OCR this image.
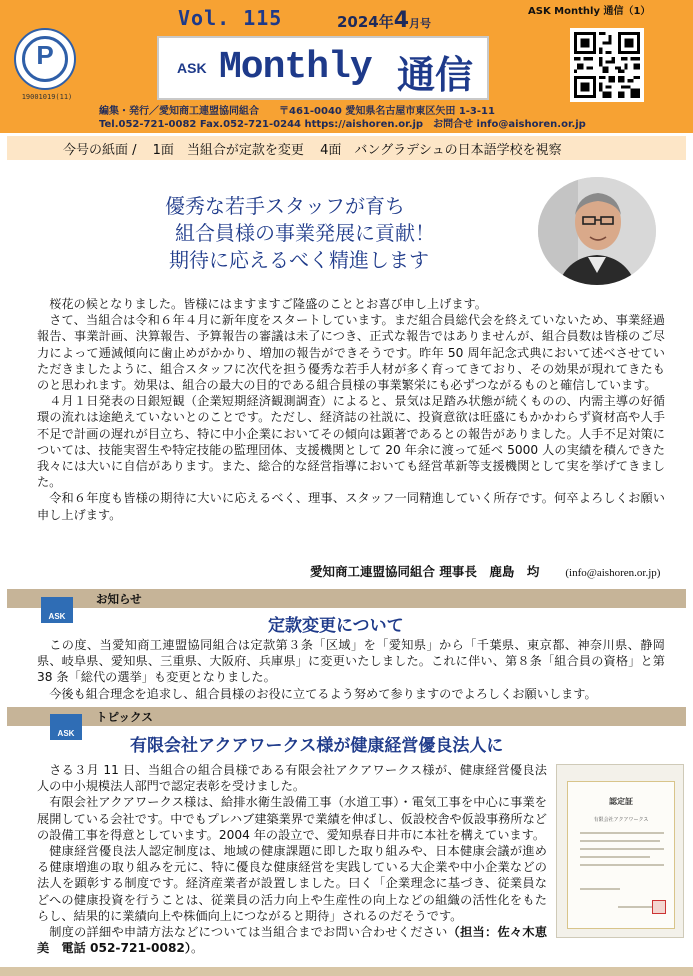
P
19001019(11)
Vol. 115	2024年4月号
ASK Monthly 通信（1）
ASK Monthly 通信
編集・発行／愛知商工連盟協同組合　　〒461-0040 愛知県名古屋市東区矢田 1-3-11
Tel.052-721-0082 Fax.052-721-0244 https://aishoren.or.jp　お問合せ info@aishoren.or.jp
今号の紙面 / 1面　当組合が定款を変更 4面　バングラデシュの日本語学校を視察
優秀な若手スタッフが育ち
組合員様の事業発展に貢献！
期待に応えるべく精進します

桜花の候となりました。皆様にはますますご隆盛のこととお喜び申し上げます。

さて、当組合は令和６年４月に新年度をスタートしています。まだ組合員総代会を終えていないため、事業経過報告、事業計画、決算報告、予算報告の審議は未了につき、正式な報告ではありませんが、組合員数は皆様のご尽力によって逓減傾向に歯止めがかかり、増加の報告ができそうです。昨年 50 周年記念式典において述べさせていただきましたように、組合スタッフに次代を担う優秀な若手人材が多く育ってきており、その効果が現れてきたものと思われます。効果は、組合の最大の目的である組合員様の事業繁栄にも必ずつながるものと確信しています。

４月１日発表の日銀短観（企業短期経済観測調査）によると、景気は足踏み状態が続くものの、内需主導の好循環の流れは途絶えていないとのことです。ただし、経済誌の社説に、投資意欲は旺盛にもかかわらず資材高や人手不足で計画の遅れが目立ち、特に中小企業においてその傾向は顕著であるとの報告がありました。人手不足対策については、技能実習生や特定技能の監理団体、支援機関として 20 年余に渡って延べ 5000 人の実績を積んできた我々には大いに自信があります。また、総合的な経営指導においても経営革新等支援機関として実を挙げてきました。

令和６年度も皆様の期待に大いに応えるべく、理事、スタッフ一同精進していく所存です。何卒よろしくお願い申し上げます。

愛知商工連盟協同組合 理事長　鹿島　均 (info@aishoren.or.jp)
ASK
お知らせ
定款変更について

この度、当愛知商工連盟協同組合は定款第３条「区域」を「愛知県」から「千葉県、東京都、神奈川県、静岡県、岐阜県、愛知県、三重県、大阪府、兵庫県」に変更いたしました。これに伴い、第８条「組合員の資格」と第 38 条「総代の選挙」も変更となりました。

今後も組合理念を追求し、組合員様のお役に立てるよう努めて参りますのでよろしくお願いします。

ASK
トピックス
有限会社アクアワークス様が健康経営優良法人に

さる３月 11 日、当組合の組合員様である有限会社アクアワークス様が、健康経営優良法人の中小規模法人部門で認定表彰を受けました。

有限会社アクアワークス様は、給排水衛生設備工事（水道工事）・電気工事を中心に事業を展開している会社です。中でもプレハブ建築業界で業績を伸ばし、仮設校舎や仮設事務所などの設備工事を得意としています。2004 年の設立で、愛知県春日井市に本社を構えています。

健康経営優良法人認定制度は、地域の健康課題に即した取り組みや、日本健康会議が進める健康増進の取り組みを元に、特に優良な健康経営を実践している大企業や中小企業などの法人を顕彰する制度です。経済産業者が設置しました。曰く「企業理念に基づき、従業員などへの健康投資を行うことは、従業員の活力向上や生産性の向上などの組織の活性化をもたらし、結果的に業績向上や株価向上につながると期待」されるのだそうです。

制度の詳細や申請方法などについては当組合までお問い合わせください（担当：佐々木恵美　電話 052-721-0082）。

認定証
有限会社アクアワークス
